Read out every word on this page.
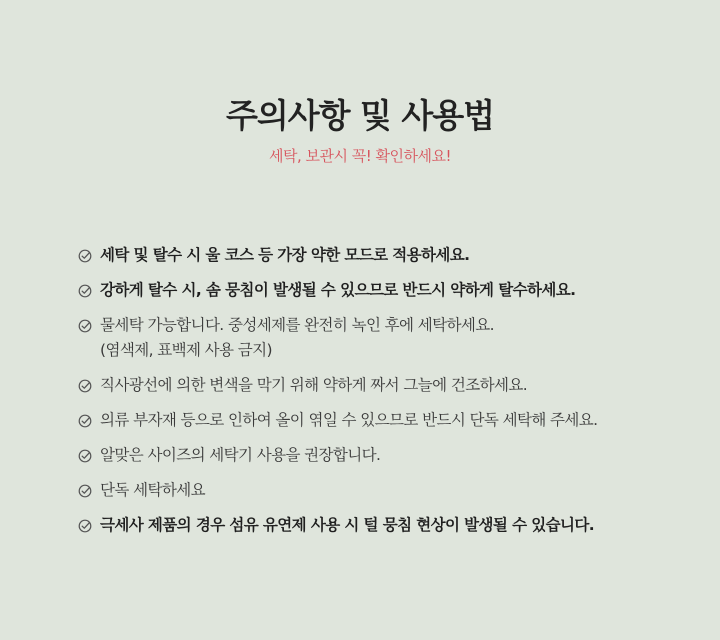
주의사항 및 사용법
세탁, 보관시 꼭! 확인하세요!
세탁 및 탈수 시 울 코스 등 가장 약한 모드로 적용하세요.
강하게 탈수 시, 솜 뭉침이 발생될 수 있으므로 반드시 약하게 탈수하세요.
물세탁 가능합니다. 중성세제를 완전히 녹인 후에 세탁하세요.
(염색제, 표백제 사용 금지)
직사광선에 의한 변색을 막기 위해 약하게 짜서 그늘에 건조하세요.
의류 부자재 등으로 인하여 올이 엮일 수 있으므로 반드시 단독 세탁해 주세요.
알맞은 사이즈의 세탁기 사용을 권장합니다.
단독 세탁하세요
극세사 제품의 경우 섬유 유연제 사용 시 털 뭉침 현상이 발생될 수 있습니다.
